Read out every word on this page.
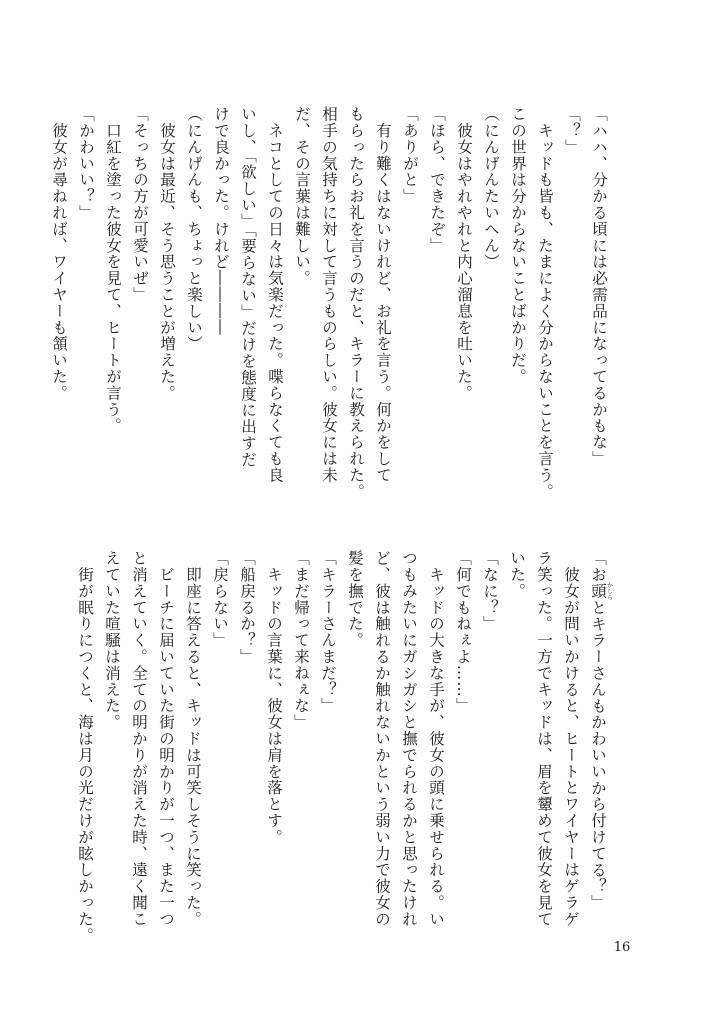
「ハハ、分かる頃には必需品になってるかもな」
「？」
　キッドも皆も、たまによく分からないことを言う。
この世界は分からないことばかりだ。
（にんげんたいへん）
　彼女はやれやれと内心溜息を吐いた。
「ほら、できたぞ」
「ありがと」
　有り難くはないけれど、お礼を言う。何かをして
もらったらお礼を言うのだと、キラーに教えられた。
相手の気持ちに対して言うものらしい。彼女には未
だ、その言葉は難しい。
　ネコとしての日々は気楽だった。喋らなくても良
いし、「欲しい」「要らない」だけを態度に出すだ
けで良かった。けれど――――
（にんげんも、ちょっと楽しい）
　彼女は最近、そう思うことが増えた。
「そっちの方が可愛いぜ」
　口紅を塗った彼女を見て、ヒートが言う。
「かわいい？」
　彼女が尋ねれば、ワイヤーも頷いた。
「お頭かしらとキラーさんもかわいいから付けてる？」
　彼女が問いかけると、ヒートとワイヤーはゲラゲ
ラ笑った。一方でキッドは、眉を顰めて彼女を見て
いた。
「なに？」
「何でもねぇよ……」
　キッドの大きな手が、彼女の頭に乗せられる。い
つもみたいにガシガシと撫でられるかと思ったけれ
ど、彼は触れるか触れないかという弱い力で彼女の
髪を撫でた。
「キラーさんまだ？」
「まだ帰って来ねぇな」
　キッドの言葉に、彼女は肩を落とす。
「船戻るか？」
「戻らない」
　即座に答えると、キッドは可笑しそうに笑った。
　ビーチに届いていた街の明かりが一つ、また一つ
と消えていく。全ての明かりが消えた時、遠く聞こ
えていた喧騒は消えた。
　街が眠りにつくと、海は月の光だけが眩しかった。
16
